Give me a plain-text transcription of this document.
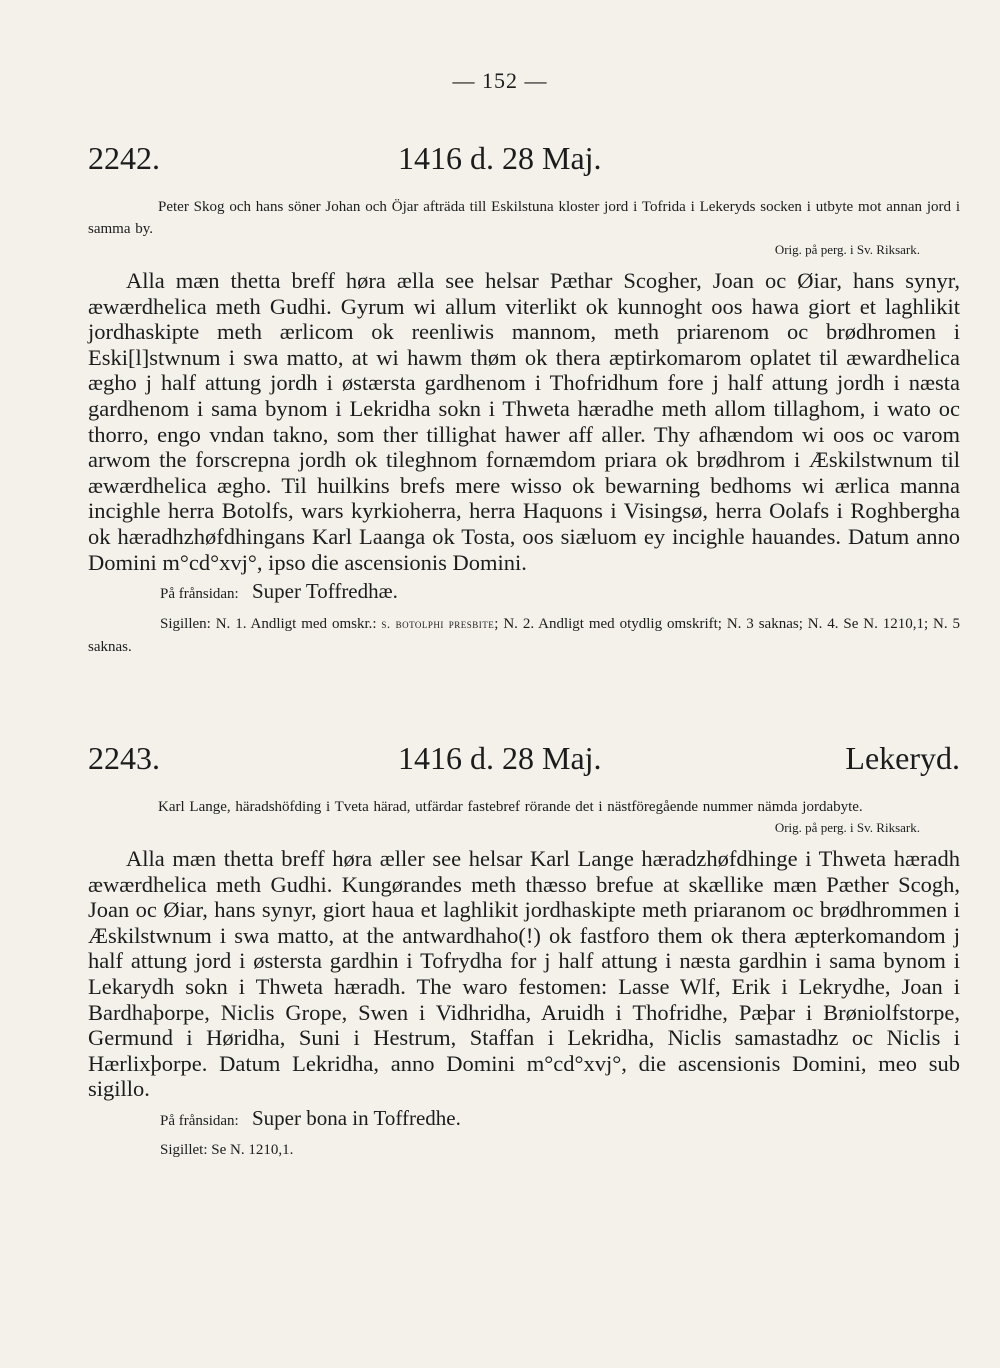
— 152 —
2242.	1416 d. 28 Maj.

Peter Skog och hans söner Johan och Öjar afträda till Eskilstuna kloster jord i Tofrida i Lekeryds socken i utbyte mot annan jord i samma by.

Orig. på perg. i Sv. Riksark.

Alla mæn thetta breff høra ælla see helsar Pæthar Scogher, Joan oc Øiar, hans synyr, æwærdhelica meth Gudhi. Gyrum wi allum viterlikt ok kunnoght oos hawa giort et laghlikit jordhaskipte meth ærlicom ok reenliwis mannom, meth priarenom oc brødhromen i Eski[l]stwnum i swa matto, at wi hawm thøm ok thera æptirkomarom oplatet til æwardhelica ægho j half attung jordh i østærsta gardhenom i Thofridhum fore j half attung jordh i næsta gardhenom i sama bynom i Lekridha sokn i Thweta hæradhe meth allom tillaghom, i wato oc thorro, engo vndan takno, som ther tillighat hawer aff aller. Thy afhændom wi oos oc varom arwom the forscrepna jordh ok tileghnom fornæmdom priara ok brødhrom i Æskilstwnum til æwærdhelica ægho. Til huilkins brefs mere wisso ok bewarning bedhoms wi ærlica manna incighle herra Botolfs, wars kyrkioherra, herra Haquons i Visingsø, herra Oolafs i Roghbergha ok hæradhzhøfdhingans Karl Laanga ok Tosta, oos siæluom ey incighle hauandes. Datum anno Domini m°cd°xvj°, ipso die ascensionis Domini.

På frånsidan: Super Toffredhæ.

Sigillen: N. 1. Andligt med omskr.: s. botolphi presbite; N. 2. Andligt med otydlig omskrift; N. 3 saknas; N. 4. Se N. 1210,1; N. 5 saknas.

2243.	1416 d. 28 Maj.	Lekeryd.

Karl Lange, häradshöfding i Tveta härad, utfärdar fastebref rörande det i nästföregående nummer nämda jordabyte.

Orig. på perg. i Sv. Riksark.

Alla mæn thetta breff høra æller see helsar Karl Lange hæradzhøfdhinge i Thweta hæradh æwærdhelica meth Gudhi. Kungørandes meth thæsso brefue at skællike mæn Pæther Scogh, Joan oc Øiar, hans synyr, giort haua et laghlikit jordhaskipte meth priaranom oc brødhrommen i Æskilstwnum i swa matto, at the antwardhaho(!) ok fastforo them ok thera æpterkomandom j half attung jord i østersta gardhin i Tofrydha for j half attung i næsta gardhin i sama bynom i Lekarydh sokn i Thweta hæradh. The waro festomen: Lasse Wlf, Erik i Lekrydhe, Joan i Bardhaþorpe, Niclis Grope, Swen i Vidhridha, Aruidh i Thofridhe, Pæþar i Brøniolfstorpe, Germund i Høridha, Suni i Hestrum, Staffan i Lekridha, Niclis samastadhz oc Niclis i Hærlixþorpe. Datum Lekridha, anno Domini m°cd°xvj°, die ascensionis Domini, meo sub sigillo.

På frånsidan: Super bona in Toffredhe.

Sigillet: Se N. 1210,1.
